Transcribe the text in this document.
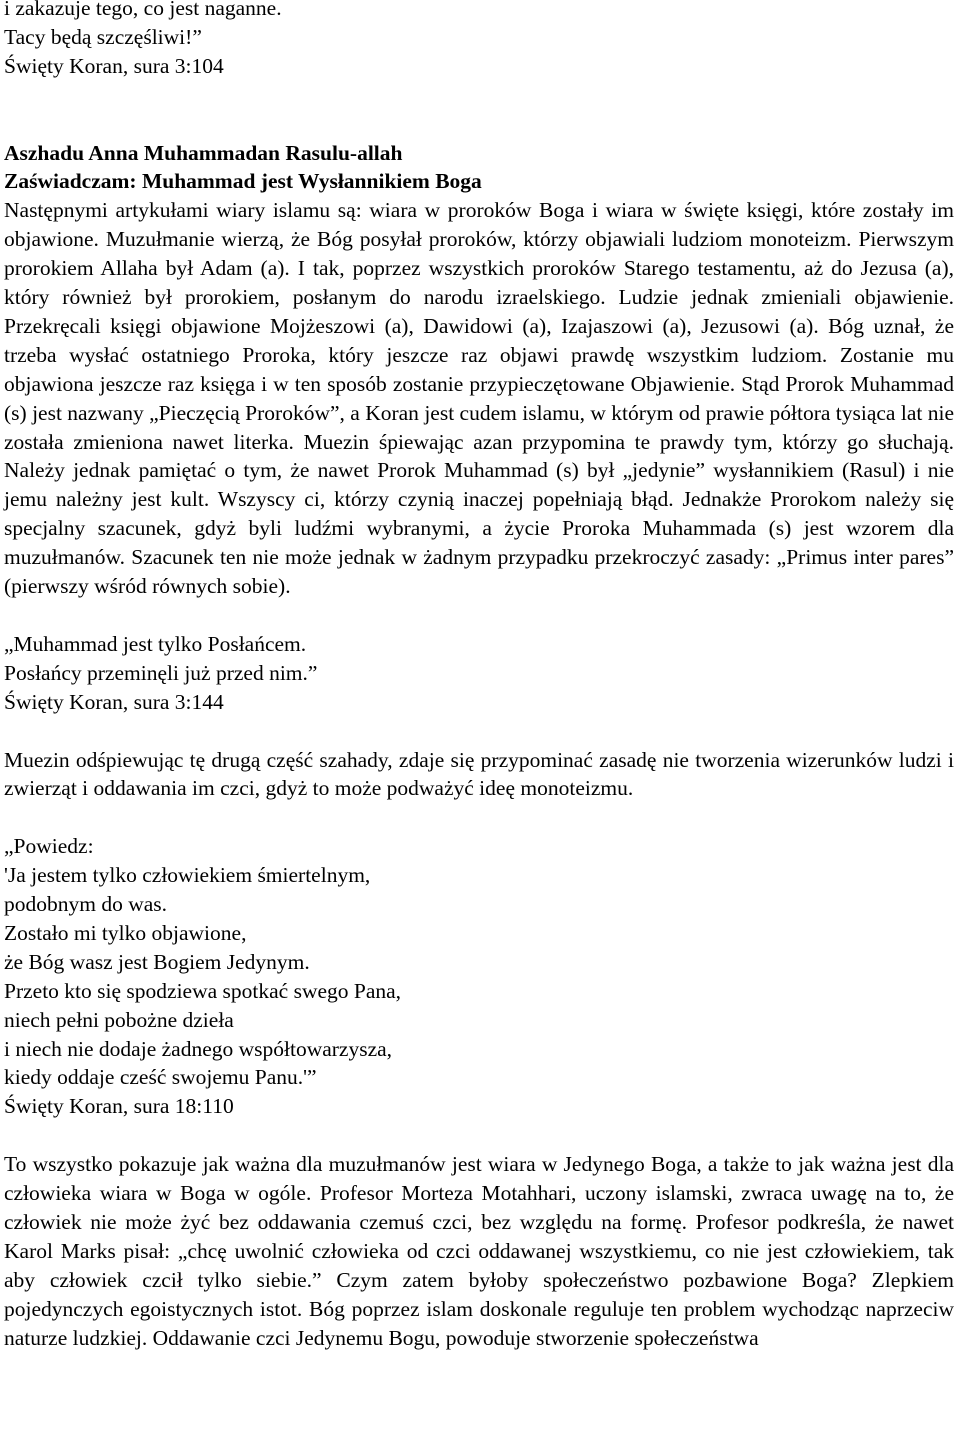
i zakazuje tego, co jest naganne.
Tacy będą szczęśliwi!”
Święty Koran, sura 3:104
Aszhadu Anna Muhammadan Rasulu-allah
Zaświadczam: Muhammad jest Wysłannikiem Boga

Następnymi artykułami wiary islamu są: wiara w proroków Boga i wiara w święte księgi, które zostały im objawione. Muzułmanie wierzą, że Bóg posyłał proroków, którzy objawiali ludziom monoteizm. Pierwszym prorokiem Allaha był Adam (a). I tak, poprzez wszystkich proroków Starego testamentu, aż do Jezusa (a), który również był prorokiem, posłanym do narodu izraelskiego. Ludzie jednak zmieniali objawienie. Przekręcali księgi objawione Mojżeszowi (a), Dawidowi (a), Izajaszowi (a), Jezusowi (a). Bóg uznał, że trzeba wysłać ostatniego Proroka, który jeszcze raz objawi prawdę wszystkim ludziom. Zostanie mu objawiona jeszcze raz księga i w ten sposób zostanie przypieczętowane Objawienie. Stąd Prorok Muhammad (s) jest nazwany „Pieczęcią Proroków”, a Koran jest cudem islamu, w którym od prawie półtora tysiąca lat nie została zmieniona nawet literka. Muezin śpiewając azan przypomina te prawdy tym, którzy go słuchają. Należy jednak pamiętać o tym, że nawet Prorok Muhammad (s) był „jedynie” wysłannikiem (Rasul) i nie jemu należny jest kult. Wszyscy ci, którzy czynią inaczej popełniają błąd. Jednakże Prorokom należy się specjalny szacunek, gdyż byli ludźmi wybranymi, a życie Proroka Muhammada (s) jest wzorem dla muzułmanów. Szacunek ten nie może jednak w żadnym przypadku przekroczyć zasady: „Primus inter pares” (pierwszy wśród równych sobie).

„Muhammad jest tylko Posłańcem.
Posłańcy przeminęli już przed nim.”
Święty Koran, sura 3:144

Muezin odśpiewując tę drugą część szahady, zdaje się przypominać zasadę nie tworzenia wizerunków ludzi i zwierząt i oddawania im czci, gdyż to może podważyć ideę monoteizmu.

„Powiedz:
'Ja jestem tylko człowiekiem śmiertelnym,
podobnym do was.
Zostało mi tylko objawione,
że Bóg wasz jest Bogiem Jedynym.
Przeto kto się spodziewa spotkać swego Pana,
niech pełni pobożne dzieła
i niech nie dodaje żadnego współtowarzysza,
kiedy oddaje cześć swojemu Panu.'”
Święty Koran, sura 18:110

To wszystko pokazuje jak ważna dla muzułmanów jest wiara w Jedynego Boga, a także to jak ważna jest dla człowieka wiara w Boga w ogóle. Profesor Morteza Motahhari, uczony islamski, zwraca uwagę na to, że człowiek nie może żyć bez oddawania czemuś czci, bez względu na formę. Profesor podkreśla, że nawet Karol Marks pisał: „chcę uwolnić człowieka od czci oddawanej wszystkiemu, co nie jest człowiekiem, tak aby człowiek czcił tylko siebie.” Czym zatem byłoby społeczeństwo pozbawione Boga? Zlepkiem pojedynczych egoistycznych istot. Bóg poprzez islam doskonale reguluje ten problem wychodząc naprzeciw naturze ludzkiej. Oddawanie czci Jedynemu Bogu, powoduje stworzenie społeczeństwa
